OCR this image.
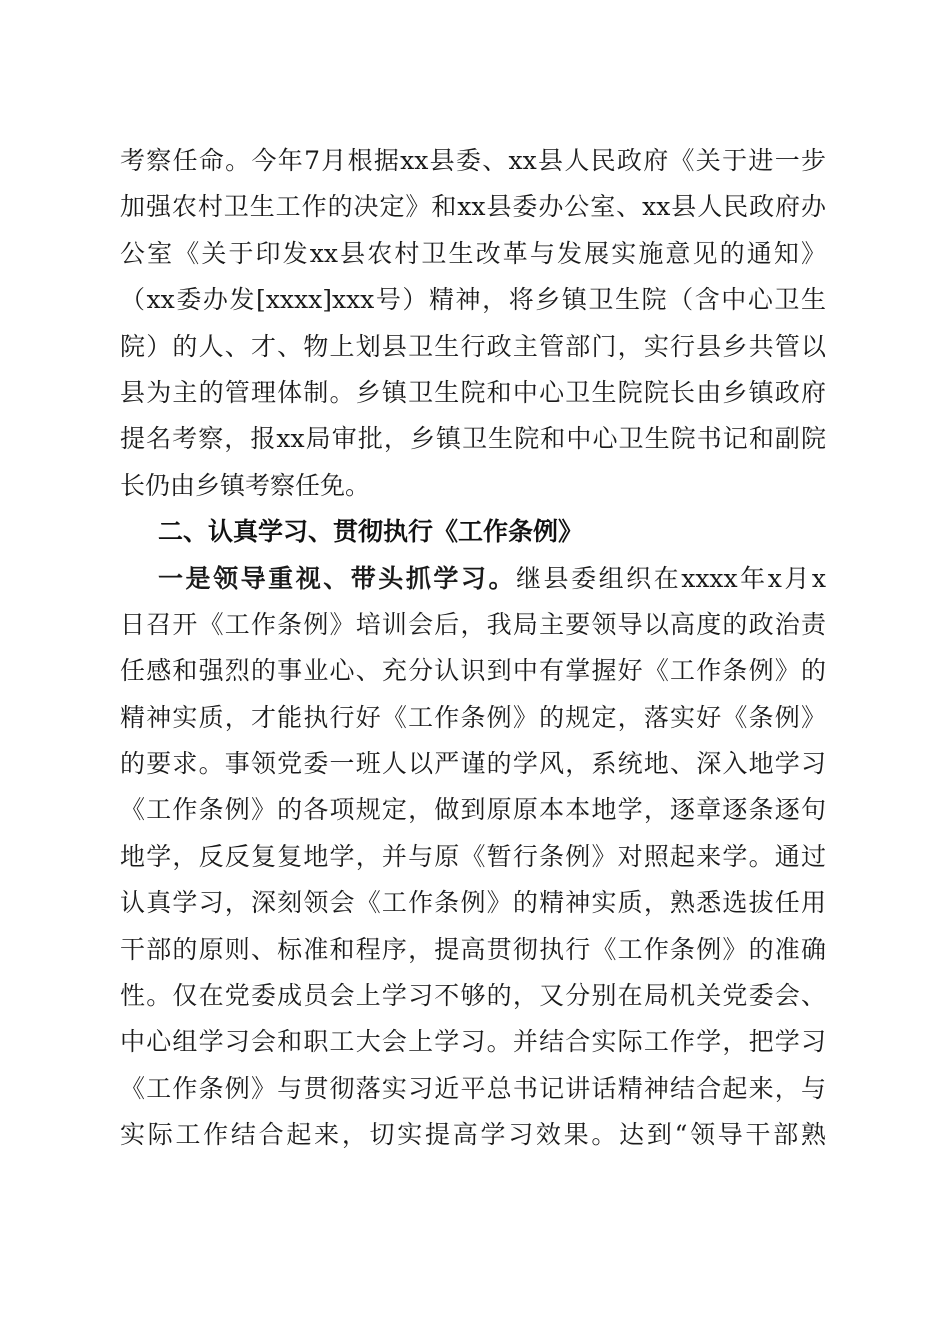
考察任命。今年7月根据xx县委、xx县人民政府《关于进一步
加强农村卫生工作的决定》和xx县委办公室、xx县人民政府办
公室《关于印发xx县农村卫生改革与发展实施意见的通知》
（xx委办发[xxxx]xxx号）精神，将乡镇卫生院（含中心卫生
院）的人、才、物上划县卫生行政主管部门，实行县乡共管以
县为主的管理体制。乡镇卫生院和中心卫生院院长由乡镇政府
提名考察，报xx局审批，乡镇卫生院和中心卫生院书记和副院
长仍由乡镇考察任免。
二、认真学习、贯彻执行《工作条例》
一是领导重视、带头抓学习。继县委组织在xxxx年x月x
日召开《工作条例》培训会后，我局主要领导以高度的政治责
任感和强烈的事业心、充分认识到中有掌握好《工作条例》的
精神实质，才能执行好《工作条例》的规定，落实好《条例》
的要求。事领党委一班人以严谨的学风，系统地、深入地学习
《工作条例》的各项规定，做到原原本本地学，逐章逐条逐句
地学，反反复复地学，并与原《暂行条例》对照起来学。通过
认真学习，深刻领会《工作条例》的精神实质，熟悉选拔任用
干部的原则、标准和程序，提高贯彻执行《工作条例》的准确
性。仅在党委成员会上学习不够的，又分别在局机关党委会、
中心组学习会和职工大会上学习。并结合实际工作学，把学习
《工作条例》与贯彻落实习近平总书记讲话精神结合起来，与
实际工作结合起来，切实提高学习效果。达到“领导干部熟
